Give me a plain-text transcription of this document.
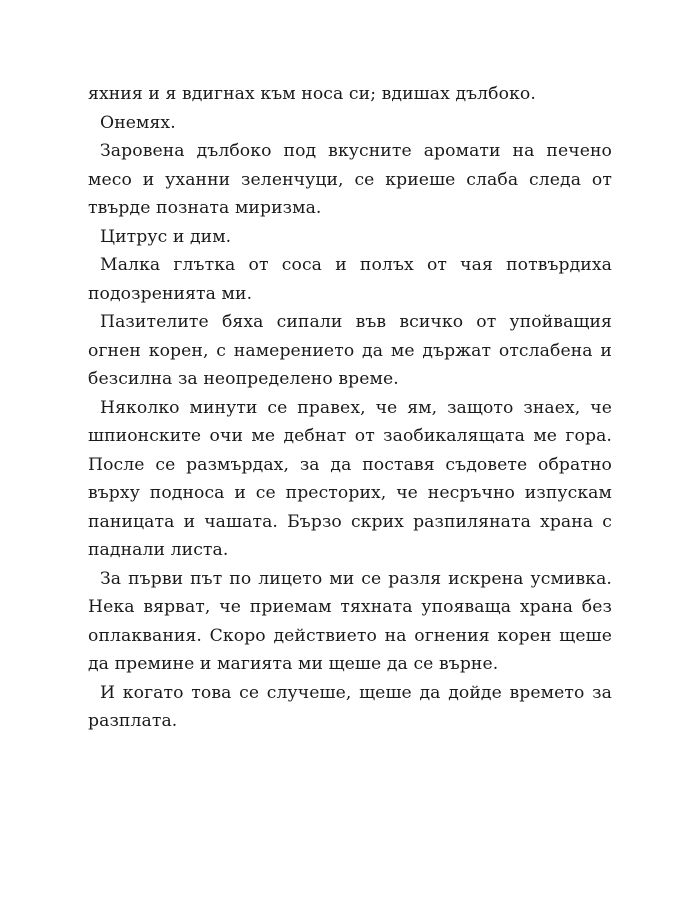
яхния и я вдигнах към носа си; вдишах дълбоко.

Онемях.

Заровена дълбоко под вкусните аромати на печено месо и уханни зеленчуци, се криеше слаба следа от твърде позната миризма.

Цитрус и дим.

Малка глътка от соса и полъх от чая потвърдиха подозренията ми.

Пазителите бяха сипали във всичко от упойващия огнен корен, с намерението да ме държат отслабена и безсилна за неопределено време.

Няколко минути се правех, че ям, защото знаех, че шпионските очи ме дебнат от заобикалящата ме гора. После се размърдах, за да поставя съдовете обратно върху подноса и се престорих, че несръчно изпускам паницата и чашата. Бързо скрих разпиляната храна с паднали листа.

За първи път по лицето ми се разля искрена усмивка. Нека вярват, че приемам тяхната упояваща храна без оплаквания. Скоро действието на огнения корен щеше да премине и магията ми щеше да се върне.

И когато това се случеше, щеше да дойде времето за разплата.
